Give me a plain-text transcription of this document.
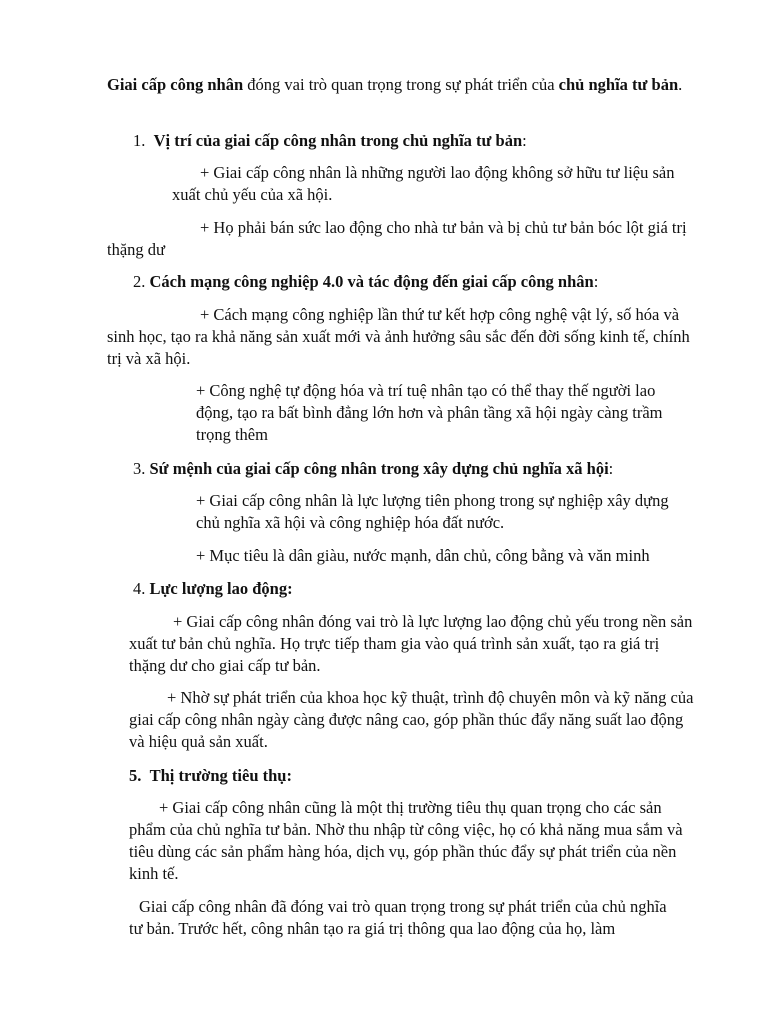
Giai cấp công nhân đóng vai trò quan trọng trong sự phát triển của chủ nghĩa tư bản.

1. Vị trí của giai cấp công nhân trong chủ nghĩa tư bản:

+ Giai cấp công nhân là những người lao động không sở hữu tư liệu sản xuất chủ yếu của xã hội.

+ Họ phải bán sức lao động cho nhà tư bản và bị chủ tư bản bóc lột giá trị thặng dư

2. Cách mạng công nghiệp 4.0 và tác động đến giai cấp công nhân:

+ Cách mạng công nghiệp lần thứ tư kết hợp công nghệ vật lý, số hóa và sinh học, tạo ra khả năng sản xuất mới và ảnh hưởng sâu sắc đến đời sống kinh tế, chính trị và xã hội.

+ Công nghệ tự động hóa và trí tuệ nhân tạo có thể thay thế người lao động, tạo ra bất bình đẳng lớn hơn và phân tầng xã hội ngày càng trầm trọng thêm

3. Sứ mệnh của giai cấp công nhân trong xây dựng chủ nghĩa xã hội:

+ Giai cấp công nhân là lực lượng tiên phong trong sự nghiệp xây dựng chủ nghĩa xã hội và công nghiệp hóa đất nước.

+ Mục tiêu là dân giàu, nước mạnh, dân chủ, công bằng và văn minh

4. Lực lượng lao động:

+ Giai cấp công nhân đóng vai trò là lực lượng lao động chủ yếu trong nền sản xuất tư bản chủ nghĩa. Họ trực tiếp tham gia vào quá trình sản xuất, tạo ra giá trị thặng dư cho giai cấp tư bản.

+ Nhờ sự phát triển của khoa học kỹ thuật, trình độ chuyên môn và kỹ năng của giai cấp công nhân ngày càng được nâng cao, góp phần thúc đẩy năng suất lao động và hiệu quả sản xuất.

5. Thị trường tiêu thụ:

+ Giai cấp công nhân cũng là một thị trường tiêu thụ quan trọng cho các sản phẩm của chủ nghĩa tư bản. Nhờ thu nhập từ công việc, họ có khả năng mua sắm và tiêu dùng các sản phẩm hàng hóa, dịch vụ, góp phần thúc đẩy sự phát triển của nền kinh tế.

Giai cấp công nhân đã đóng vai trò quan trọng trong sự phát triển của chủ nghĩa tư bản. Trước hết, công nhân tạo ra giá trị thông qua lao động của họ, làm
